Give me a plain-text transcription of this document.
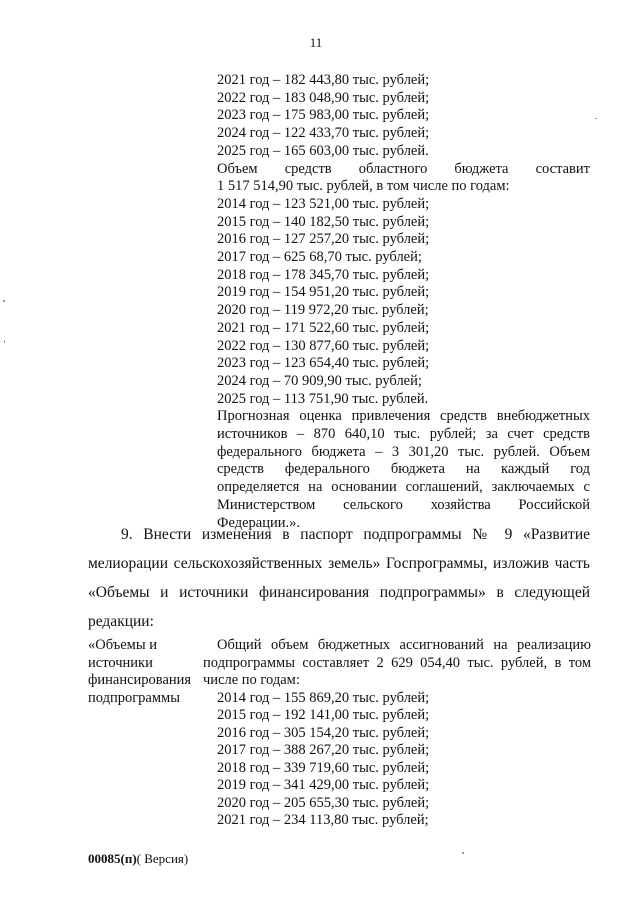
11
2021 год – 182 443,80 тыс. рублей;
2022 год – 183 048,90 тыс. рублей;
2023 год – 175 983,00 тыс. рублей;
2024 год – 122 433,70 тыс. рублей;
2025 год – 165 603,00 тыс. рублей.
Объем средств областного бюджета составит
1 517 514,90 тыс. рублей, в том числе по годам:
2014 год – 123 521,00 тыс. рублей;
2015 год – 140 182,50 тыс. рублей;
2016 год – 127 257,20 тыс. рублей;
2017 год – 625 68,70 тыс. рублей;
2018 год – 178 345,70 тыс. рублей;
2019 год – 154 951,20 тыс. рублей;
2020 год – 119 972,20 тыс. рублей;
2021 год – 171 522,60 тыс. рублей;
2022 год – 130 877,60 тыс. рублей;
2023 год – 123 654,40 тыс. рублей;
2024 год – 70 909,90 тыс. рублей;
2025 год – 113 751,90 тыс. рублей.
Прогнозная оценка привлечения средств внебюджетных
источников – 870 640,10 тыс. рублей; за счет средств
федерального бюджета – 3 301,20 тыс. рублей. Объем
средств федерального бюджета на каждый год
определяется на основании соглашений, заключаемых с
Министерством сельского хозяйства Российской
Федерации.».
9. Внести изменения в паспорт подпрограммы № 9 «Развитие
мелиорации сельскохозяйственных земель» Госпрограммы, изложив часть
«Объемы и источники финансирования подпрограммы» в следующей
редакции:
«Объемы и
источники
финансирования
подпрограммы
Общий объем бюджетных ассигнований на реализацию
подпрограммы составляет 2 629 054,40 тыс. рублей, в том
числе по годам:
2014 год – 155 869,20 тыс. рублей;
2015 год – 192 141,00 тыс. рублей;
2016 год – 305 154,20 тыс. рублей;
2017 год – 388 267,20 тыс. рублей;
2018 год – 339 719,60 тыс. рублей;
2019 год – 341 429,00 тыс. рублей;
2020 год – 205 655,30 тыс. рублей;
2021 год – 234 113,80 тыс. рублей;
00085(п)( Версия)
